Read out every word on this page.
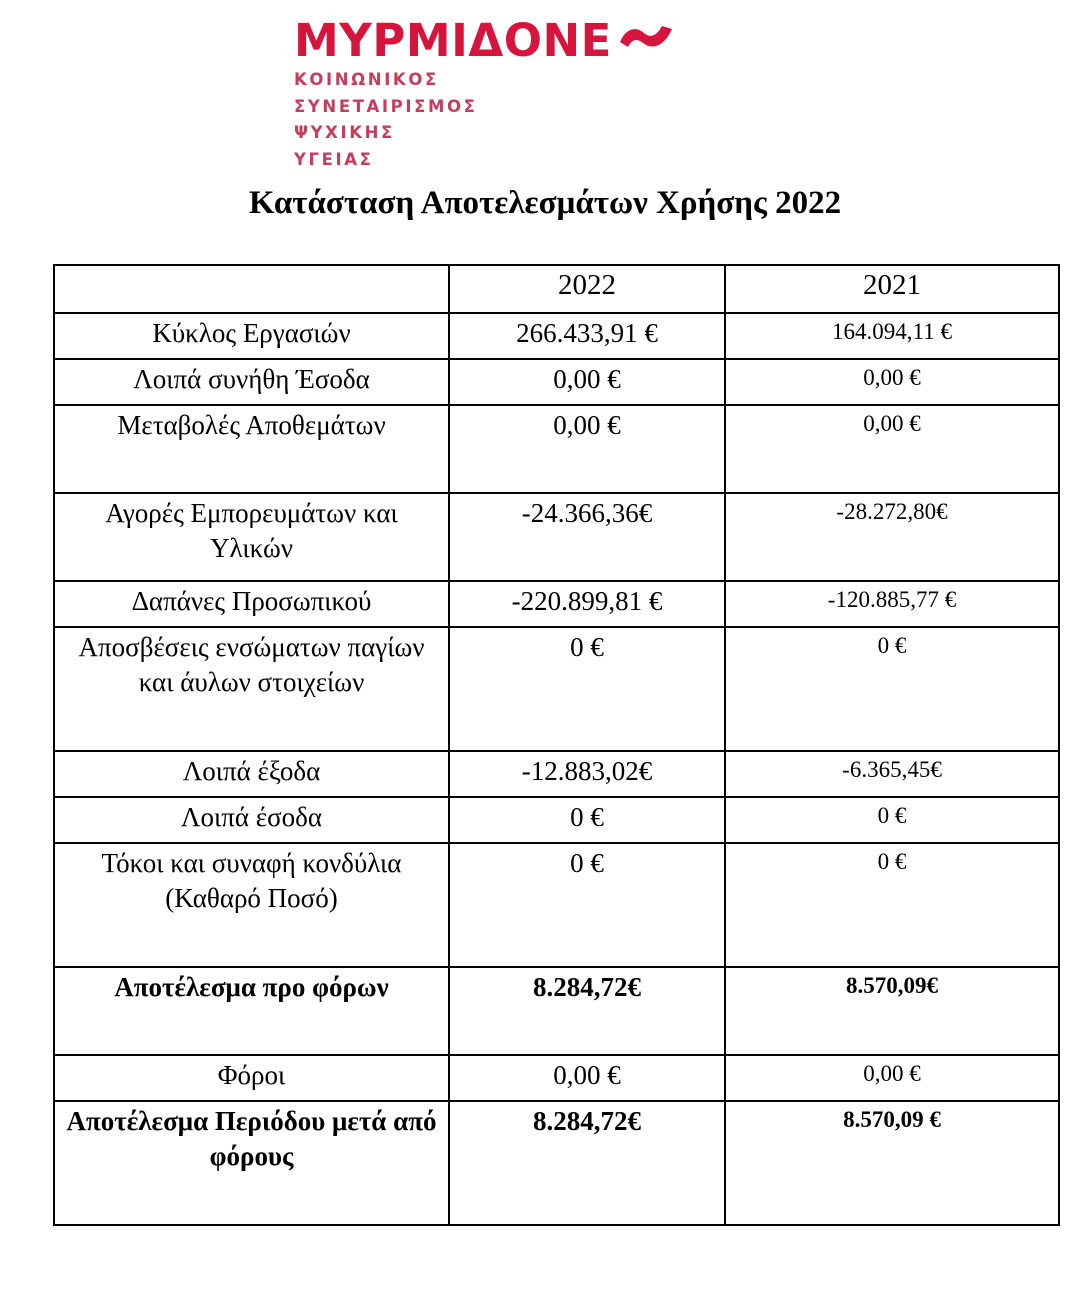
ΜΥΡΜΙΔΟΝΕ
ΚΟΙΝΩΝΙΚΟΣ
ΣΥΝΕΤΑΙΡΙΣΜΟΣ
ΨΥΧΙΚΗΣ
ΥΓΕΙΑΣ
Κατάσταση Αποτελεσμάτων Χρήσης 2022
	2022	2021
Κύκλος Εργασιών	266.433,91 €	164.094,11 €
Λοιπά συνήθη Έσοδα	0,00 €	0,00 €
Μεταβολές Αποθεμάτων	0,00 €	0,00 €
Αγορές Εμπορευμάτων και Υλικών	-24.366,36€	-28.272,80€
Δαπάνες Προσωπικού	-220.899,81 €	-120.885,77 €
Αποσβέσεις ενσώματων παγίων και άυλων στοιχείων	0 €	0 €
Λοιπά έξοδα	-12.883,02€	-6.365,45€
Λοιπά έσοδα	0 €	0 €
Τόκοι και συναφή κονδύλια (Καθαρό Ποσό)	0 €	0 €
Αποτέλεσμα προ φόρων	8.284,72€	8.570,09€
Φόροι	0,00 €	0,00 €
Αποτέλεσμα Περιόδου μετά από φόρους	8.284,72€	8.570,09 €
